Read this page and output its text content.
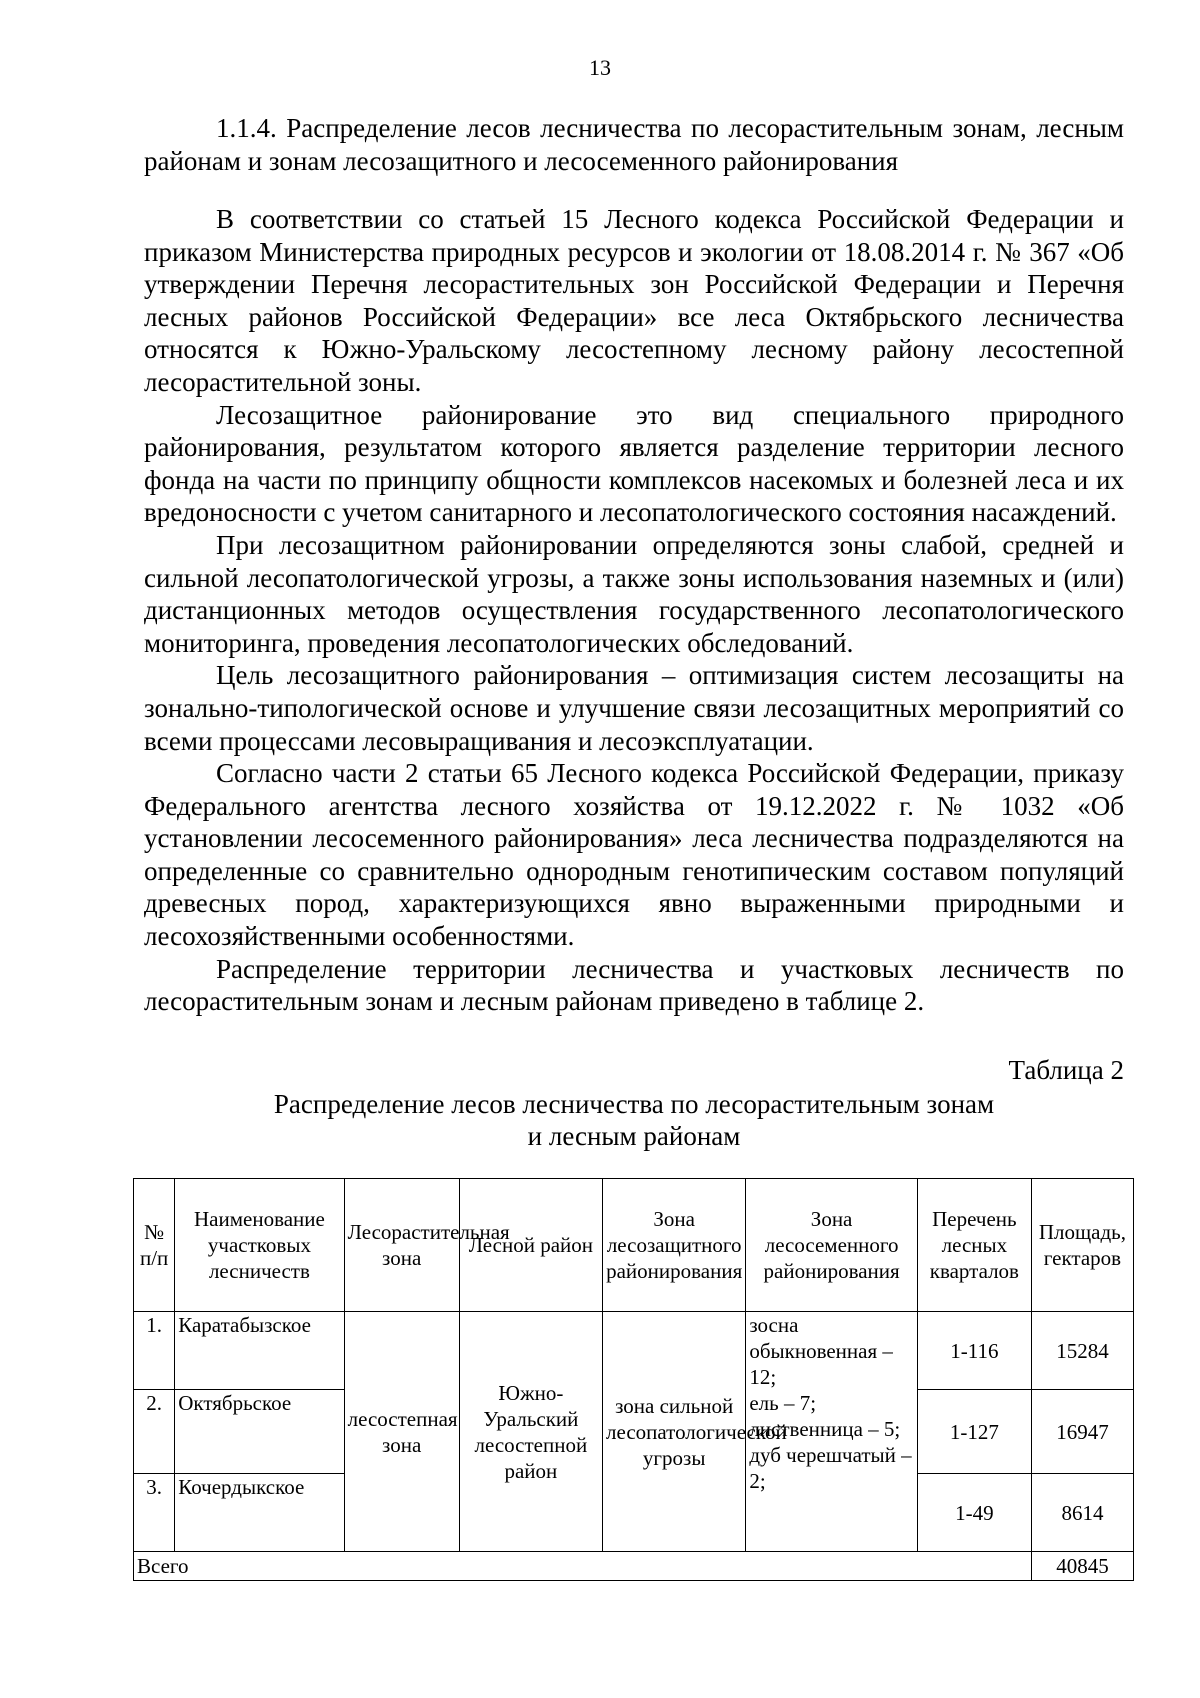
13

1.1.4. Распределение лесов лесничества по лесорастительным зонам, лесным районам и зонам лесозащитного и лесосеменного районирования

В соответствии со статьей 15 Лесного кодекса Российской Федерации и приказом Министерства природных ресурсов и экологии от 18.08.2014 г. № 367 «Об утверждении Перечня лесорастительных зон Российской Федерации и Перечня лесных районов Российской Федерации» все леса Октябрьского лесничества относятся к Южно-Уральскому лесостепному лесному району лесостепной лесорастительной зоны.

Лесозащитное районирование это вид специального природного районирования, результатом которого является разделение территории лесного фонда на части по принципу общности комплексов насекомых и болезней леса и их вредоносности с учетом санитарного и лесопатологического состояния насаждений.

При лесозащитном районировании определяются зоны слабой, средней и сильной лесопатологической угрозы, а также зоны использования наземных и (или) дистанционных методов осуществления государственного лесопатологического мониторинга, проведения лесопатологических обследований.

Цель лесозащитного районирования – оптимизация систем лесозащиты на зонально-типологической основе и улучшение связи лесозащитных мероприятий со всеми процессами лесовыращивания и лесоэксплуатации.

Согласно части 2 статьи 65 Лесного кодекса Российской Федерации, приказу Федерального агентства лесного хозяйства от 19.12.2022 г. № 1032 «Об установлении лесосеменного районирования» леса лесничества подразделяются на определенные со сравнительно однородным генотипическим составом популяций древесных пород, характеризующихся явно выраженными природными и лесохозяйственными особенностями.

Распределение территории лесничества и участковых лесничеств по лесорастительным зонам и лесным районам приведено в таблице 2.

Таблица 2
Распределение лесов лесничества по лесорастительным зонам
и лесным районам
№ п/п	Наименование участковых лесничеств	Лесорастительная зона	Лесной район	Зона лесозащитного районирования	Зона лесосеменного районирования	Перечень лесных кварталов	Площадь, гектаров
1.	Каратабызское	лесостепная зона	Южно-Уральский лесостепной район	зона сильной лесопатологической угрозы	зосна обыкновенная – 12;
ель – 7;
лиственница – 5;
дуб черешчатый – 2;	1-116	15284
2.	Октябрьское					1-127	16947
3.	Кочердыкское					1-49	8614
Всего							40845
